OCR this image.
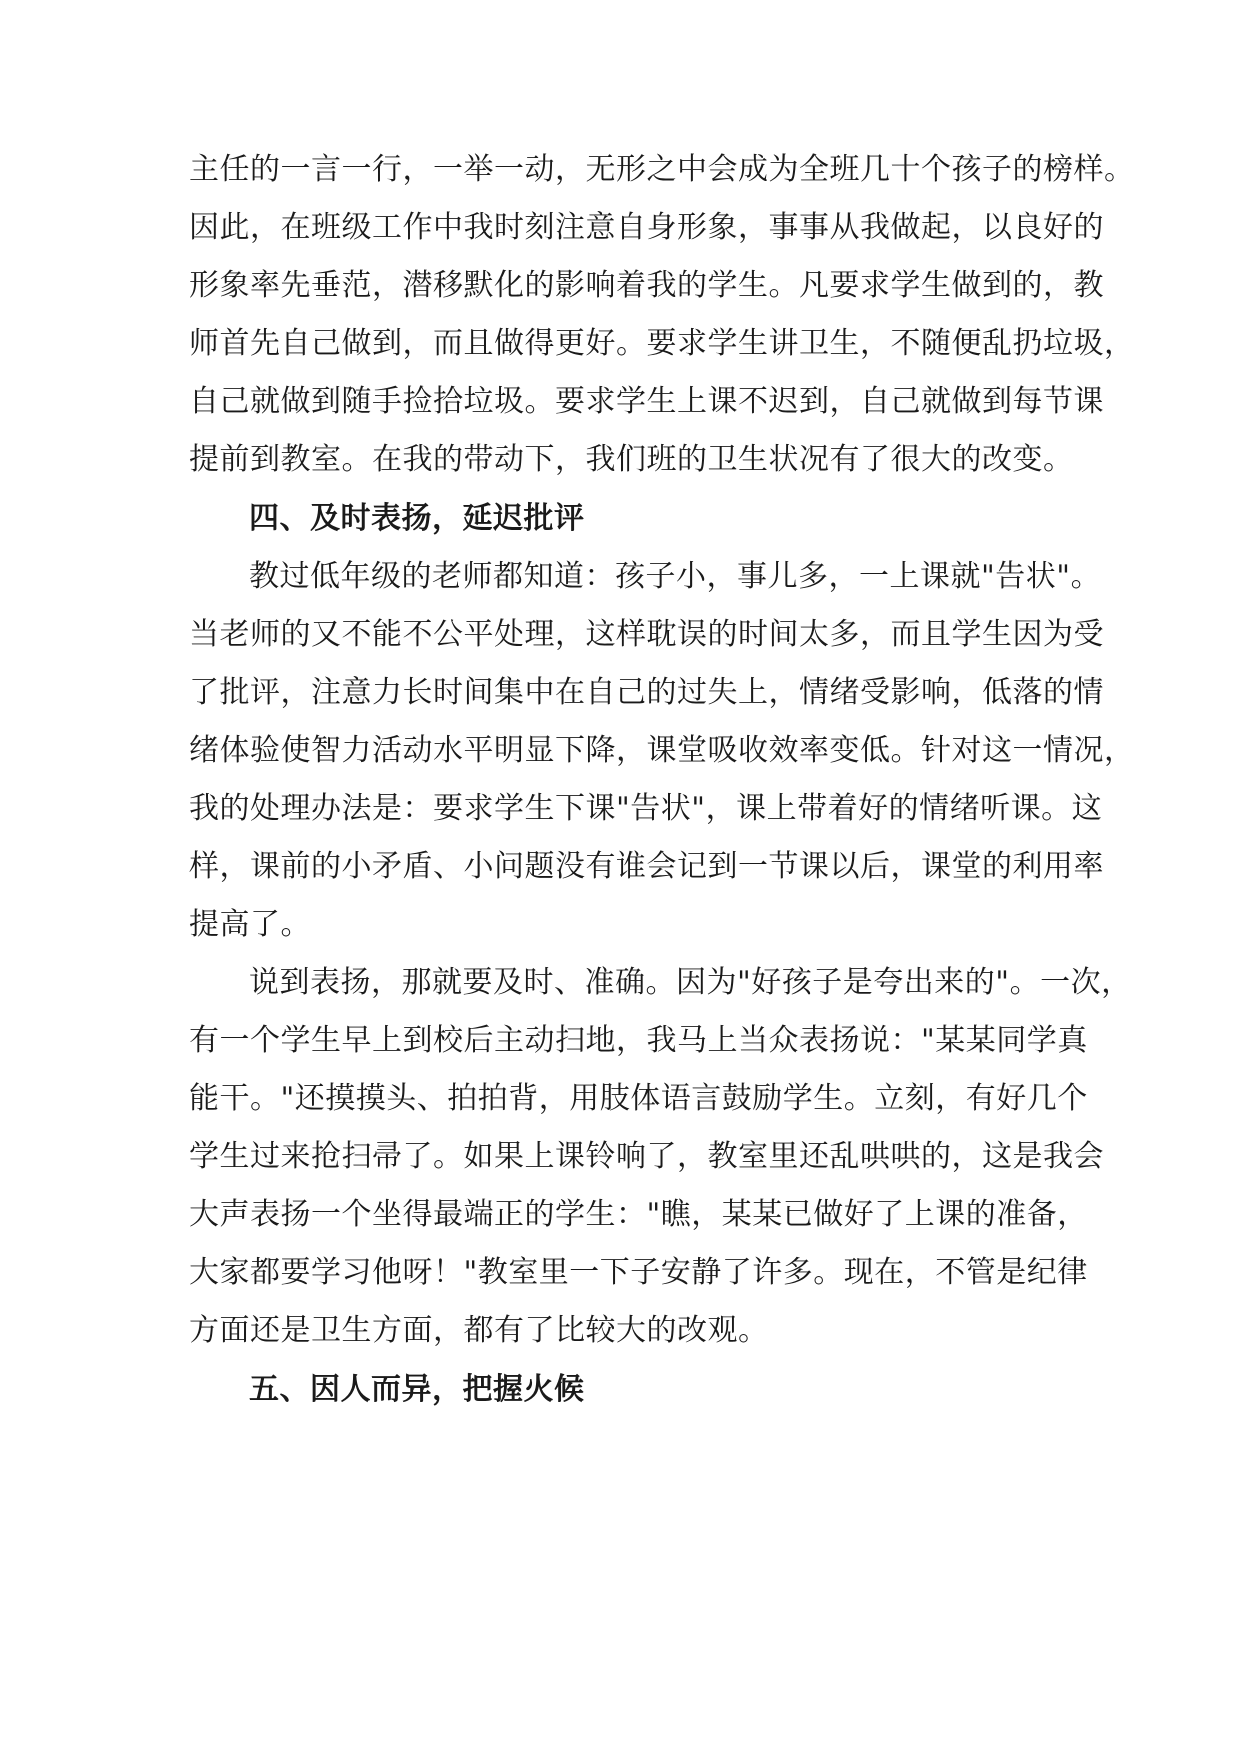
主任的一言一行，一举一动，无形之中会成为全班几十个孩子的榜样。
因此，在班级工作中我时刻注意自身形象，事事从我做起，以良好的
形象率先垂范，潜移默化的影响着我的学生。凡要求学生做到的，教
师首先自己做到，而且做得更好。要求学生讲卫生，不随便乱扔垃圾，
自己就做到随手捡拾垃圾。要求学生上课不迟到，自己就做到每节课
提前到教室。在我的带动下，我们班的卫生状况有了很大的改变。
四、及时表扬，延迟批评
教过低年级的老师都知道：孩子小，事儿多，一上课就"告状"。
当老师的又不能不公平处理，这样耽误的时间太多，而且学生因为受
了批评，注意力长时间集中在自己的过失上，情绪受影响，低落的情
绪体验使智力活动水平明显下降，课堂吸收效率变低。针对这一情况，
我的处理办法是：要求学生下课"告状"，课上带着好的情绪听课。这
样，课前的小矛盾、小问题没有谁会记到一节课以后，课堂的利用率
提高了。
说到表扬，那就要及时、准确。因为"好孩子是夸出来的"。一次，
有一个学生早上到校后主动扫地，我马上当众表扬说："某某同学真
能干。"还摸摸头、拍拍背，用肢体语言鼓励学生。立刻，有好几个
学生过来抢扫帚了。如果上课铃响了，教室里还乱哄哄的，这是我会
大声表扬一个坐得最端正的学生："瞧，某某已做好了上课的准备，
大家都要学习他呀！"教室里一下子安静了许多。现在，不管是纪律
方面还是卫生方面，都有了比较大的改观。
五、因人而异，把握火候
